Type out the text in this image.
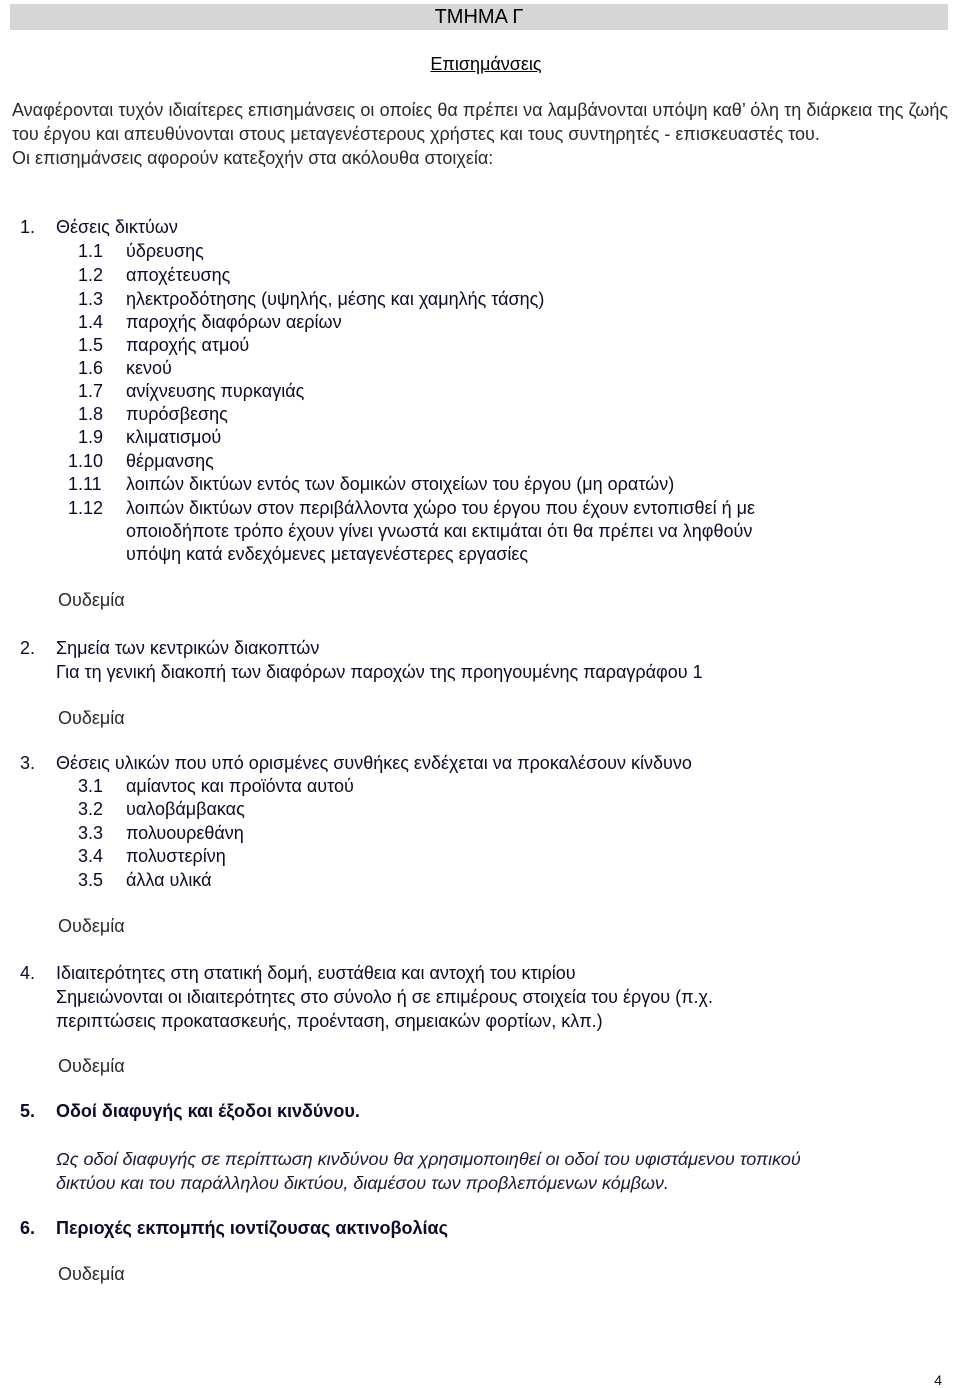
ΤΜΗΜΑ Γ
Επισημάνσεις

Αναφέρονται τυχόν ιδιαίτερες επισημάνσεις οι οποίες θα πρέπει να λαμβάνονται υπόψη καθ’ όλη τη διάρκεια της ζωής του έργου και απευθύνονται στους μεταγενέστερους χρήστες και τους συντηρητές - επισκευαστές του.

Οι επισημάνσεις αφορούν κατεξοχήν στα ακόλουθα στοιχεία:

1. Θέσεις δικτύων
1.1 ύδρευσης
1.2 αποχέτευσης
1.3 ηλεκτροδότησης (υψηλής, μέσης και χαμηλής τάσης)
1.4 παροχής διαφόρων αερίων
1.5 παροχής ατμού
1.6 κενού
1.7 ανίχνευσης πυρκαγιάς
1.8 πυρόσβεσης
1.9 κλιματισμού
1.10 θέρμανσης
1.11 λοιπών δικτύων εντός των δομικών στοιχείων του έργου (μη ορατών)
1.12 λοιπών δικτύων στον περιβάλλοντα χώρο του έργου που έχουν εντοπισθεί ή με
οποιοδήποτε τρόπο έχουν γίνει γνωστά και εκτιμάται ότι θα πρέπει να ληφθούν
υπόψη κατά ενδεχόμενες μεταγενέστερες εργασίες
Ουδεμία
2. Σημεία των κεντρικών διακοπτών
Για τη γενική διακοπή των διαφόρων παροχών της προηγουμένης παραγράφου 1
Ουδεμία
3. Θέσεις υλικών που υπό ορισμένες συνθήκες ενδέχεται να προκαλέσουν κίνδυνο
3.1 αμίαντος και προϊόντα αυτού
3.2 υαλοβάμβακας
3.3 πολυουρεθάνη
3.4 πολυστερίνη
3.5 άλλα υλικά
Ουδεμία
4. Ιδιαιτερότητες στη στατική δομή, ευστάθεια και αντοχή του κτιρίου
Σημειώνονται οι ιδιαιτερότητες στο σύνολο ή σε επιμέρους στοιχεία του έργου (π.χ.
περιπτώσεις προκατασκευής, προένταση, σημειακών φορτίων, κλπ.)
Ουδεμία
5. Οδοί διαφυγής και έξοδοι κινδύνου.
Ως οδοί διαφυγής σε περίπτωση κινδύνου θα χρησιμοποιηθεί οι οδοί του υφιστάμενου τοπικού
δικτύου και του παράλληλου δικτύου, διαμέσου των προβλεπόμενων κόμβων.
6. Περιοχές εκπομπής ιοντίζουσας ακτινοβολίας
Ουδεμία
4
